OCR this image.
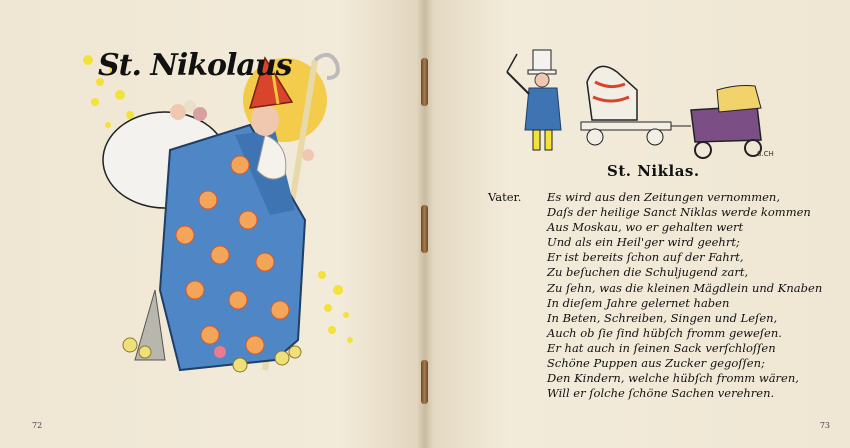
St. Nikolaus
72
S.CH
St. Niklas.
Vater. Es wird aus den Zeitungen vernommen,
Daſs der heilige Sanct Niklas werde kommen
Aus Moskau, wo er gehalten wert
Und als ein Heil'ger wird geehrt;
Er ist bereits ſchon auf der Fahrt,
Zu beſuchen die Schuljugend zart,
Zu ſehn, was die kleinen Mägdlein und Knaben
In dieſem Jahre gelernet haben
In Beten, Schreiben, Singen und Leſen,
Auch ob ſie ſind hübſch fromm geweſen.
Er hat auch in ſeinen Sack verſchloſſen
Schöne Puppen aus Zucker gegoſſen;
Den Kindern, welche hübſch fromm wären,
Will er ſolche ſchöne Sachen verehren.
73
